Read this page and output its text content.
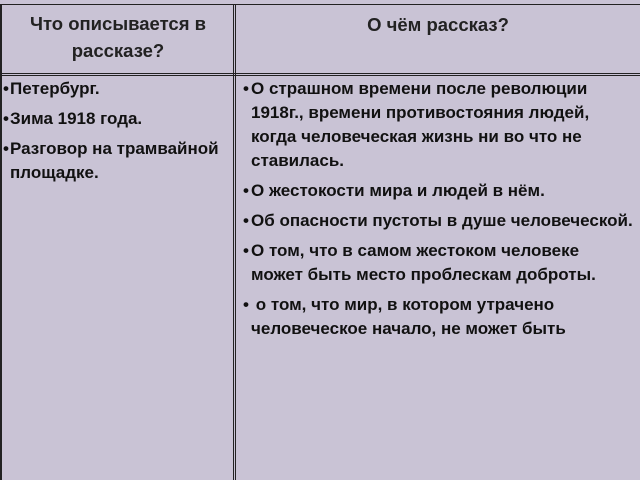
Что описывается в рассказе?
О чём рассказ?
• Петербург.
• Зима 1918 года.
• Разговор на трамвайной площадке.
• О страшном времени после революции 1918г., времени противостояния людей, когда человеческая жизнь ни во что не ставилась.
• О жестокости мира и людей в нём.
• Об опасности пустоты в душе человеческой.
• О том, что в самом жестоком человеке   может быть место проблескам доброты.
• о том, что мир, в котором утрачено человеческое начало, не может быть
